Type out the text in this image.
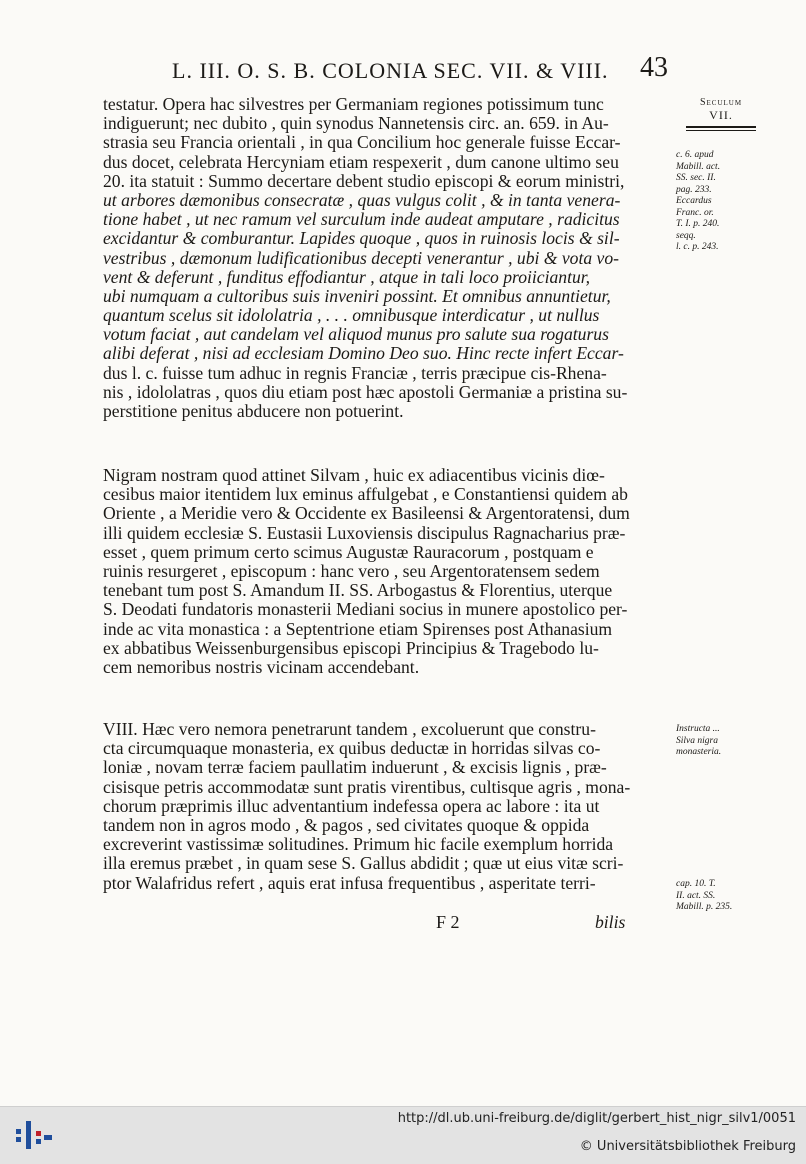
L. III. O. S. B. COLONIA SEC. VII. & VIII.	43
Seculum
VII.
testatur. Opera hac silvestres per Germaniam regiones potissimum tunc
indiguerunt; nec dubito , quin synodus Nannetensis circ. an. 659. in Au-
strasia seu Francia orientali , in qua Concilium hoc generale fuisse Eccar-
dus docet, celebrata Hercyniam etiam respexerit , dum canone ultimo seu
20. ita statuit : Summo decertare debent studio episcopi & eorum ministri,
ut arbores dæmonibus consecratæ , quas vulgus colit , & in tanta venera-
tione habet , ut nec ramum vel surculum inde audeat amputare , radicitus
excidantur & comburantur. Lapides quoque , quos in ruinosis locis & sil-
vestribus , dæmonum ludificationibus decepti venerantur , ubi & vota vo-
vent & deferunt , funditus effodiantur , atque in tali loco proiiciantur,
ubi numquam a cultoribus suis inveniri possint. Et omnibus annuntietur,
quantum scelus sit idololatria , . . . omnibusque interdicatur , ut nullus
votum faciat , aut candelam vel aliquod munus pro salute sua rogaturus
alibi deferat , nisi ad ecclesiam Domino Deo suo. Hinc recte infert Eccar-
dus l. c. fuisse tum adhuc in regnis Franciæ , terris præcipue cis-Rhena-
nis , idololatras , quos diu etiam post hæc apostoli Germaniæ a pristina su-
perstitione penitus abducere non potuerint.
Nigram nostram quod attinet Silvam , huic ex adiacentibus vicinis diœ-
cesibus maior itentidem lux eminus affulgebat , e Constantiensi quidem ab
Oriente , a Meridie vero & Occidente ex Basileensi & Argentoratensi, dum
illi quidem ecclesiæ S. Eustasii Luxoviensis discipulus Ragnacharius præ-
esset , quem primum certo scimus Augustæ Rauracorum , postquam e
ruinis resurgeret , episcopum : hanc vero , seu Argentoratensem sedem
tenebant tum post S. Amandum II. SS. Arbogastus & Florentius, uterque
S. Deodati fundatoris monasterii Mediani socius in munere apostolico per-
inde ac vita monastica : a Septentrione etiam Spirenses post Athanasium
ex abbatibus Weissenburgensibus episcopi Principius & Tragebodo lu-
cem nemoribus nostris vicinam accendebant.
VIII. Hæc vero nemora penetrarunt tandem , excoluerunt que constru-
cta circumquaque monasteria, ex quibus deductæ in horridas silvas co-
loniæ , novam terræ faciem paullatim induerunt , & excisis lignis , præ-
cisisque petris accommodatæ sunt pratis virentibus, cultisque agris , mona-
chorum præprimis illuc adventantium indefessa opera ac labore : ita ut
tandem non in agros modo , & pagos , sed civitates quoque & oppida
excreverint vastissimæ solitudines. Primum hic facile exemplum horrida
illa eremus præbet , in quam sese S. Gallus abdidit ; quæ ut eius vitæ scri-
ptor Walafridus refert , aquis erat infusa frequentibus , asperitate terri-
c. 6. apud
Mabill. act.
SS. sec. II.
pag. 233.
Eccardus
Franc. or.
T. I. p. 240.
seqq.
l. c. p. 243.
Instructa ...
Silva nigra
monasteria.
cap. 10. T.
II. act. SS.
Mabill. p. 235.
F 2	bilis
http://dl.ub.uni-freiburg.de/diglit/gerbert_hist_nigr_silv1/0051
© Universitätsbibliothek Freiburg
